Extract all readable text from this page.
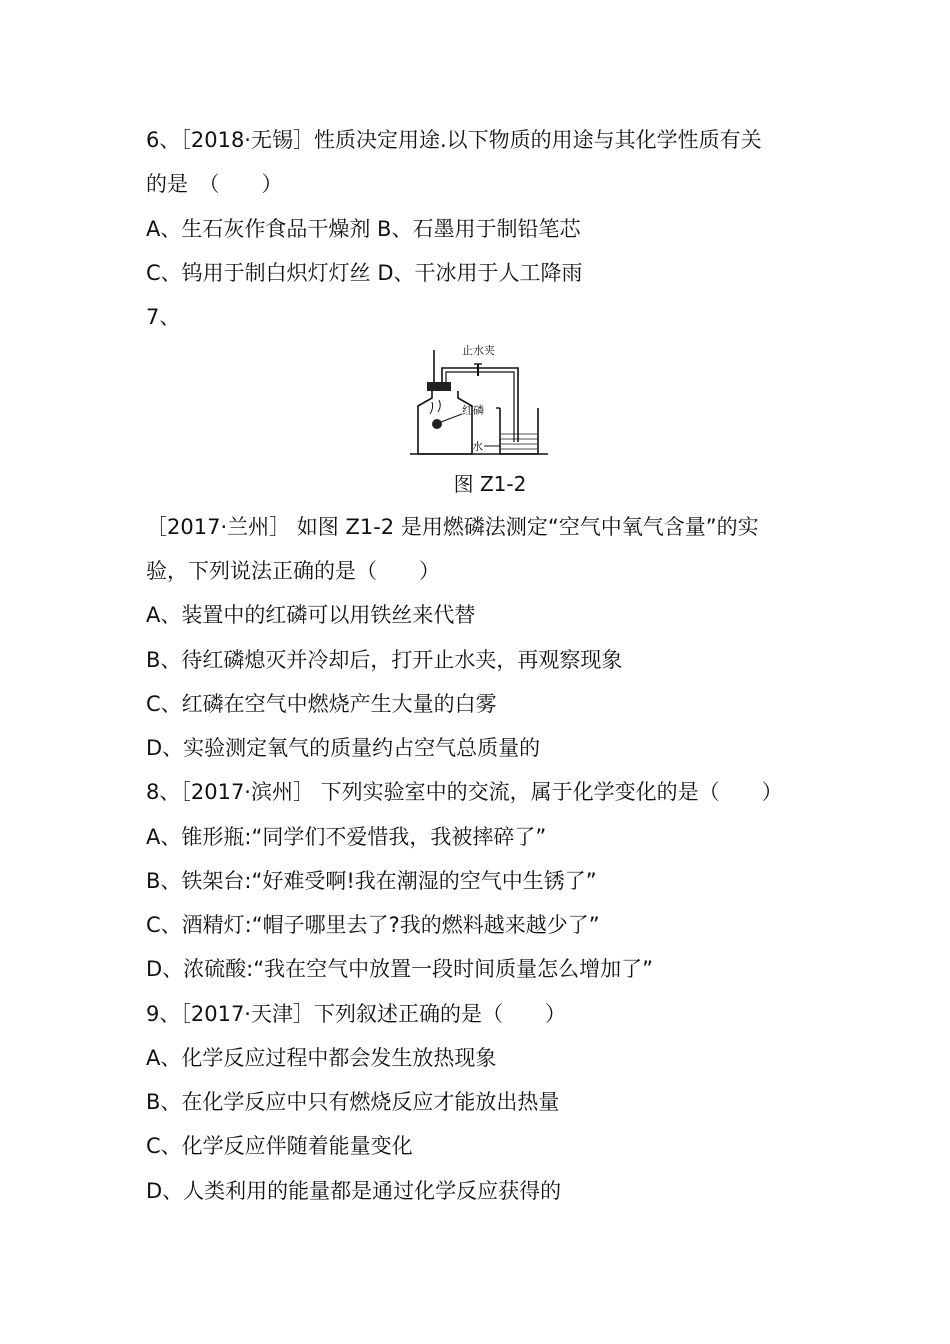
6、［2018·无锡］性质决定用途.以下物质的用途与其化学性质有关
的是　（　　）
A、生石灰作食品干燥剂 B、石墨用于制铅笔芯
C、钨用于制白炽灯灯丝 D、干冰用于人工降雨
7、
止水夹
红磷
水
图 Z1-2
［2017·兰州］ 如图 Z1-2 是用燃磷法测定“空气中氧气含量”的实
验，下列说法正确的是（　　）
A、装置中的红磷可以用铁丝来代替
B、待红磷熄灭并冷却后，打开止水夹，再观察现象
C、红磷在空气中燃烧产生大量的白雾
D、实验测定氧气的质量约占空气总质量的
8、［2017·滨州］ 下列实验室中的交流，属于化学变化的是（　　）
A、锥形瓶:“同学们不爱惜我，我被摔碎了”
B、铁架台:“好难受啊!我在潮湿的空气中生锈了”
C、酒精灯:“帽子哪里去了?我的燃料越来越少了”
D、浓硫酸:“我在空气中放置一段时间质量怎么增加了”
9、［2017·天津］下列叙述正确的是（　　）
A、化学反应过程中都会发生放热现象
B、在化学反应中只有燃烧反应才能放出热量
C、化学反应伴随着能量变化
D、人类利用的能量都是通过化学反应获得的
